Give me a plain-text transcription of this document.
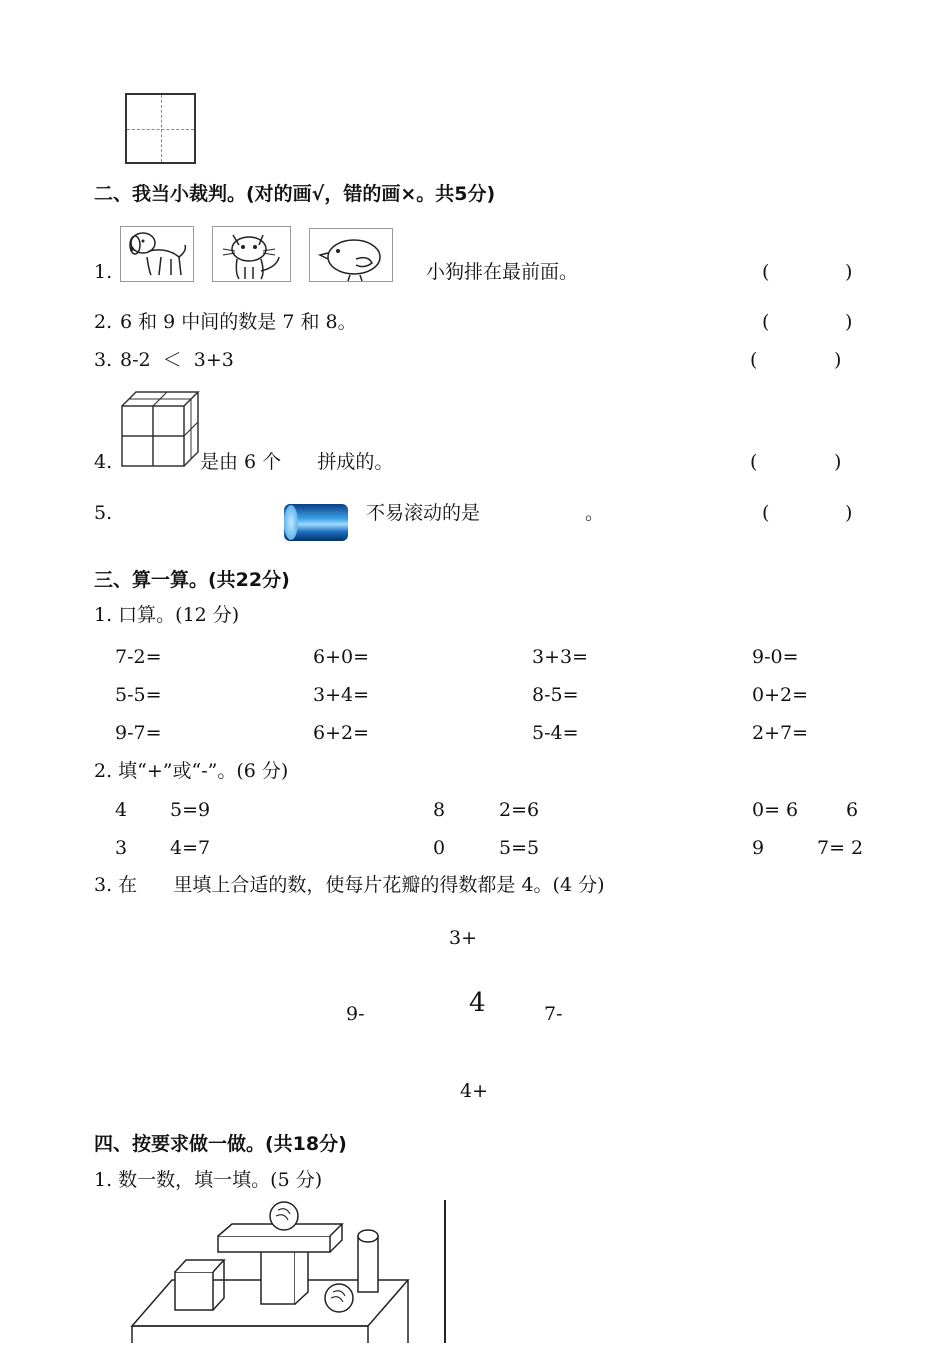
二、我当小裁判。(对的画√，错的画×。共5分)
1.	小狗排在最前面。	(	)
2. 6 和 9 中间的数是 7 和 8。	(	)
3. 8-2  ＜  3+3	(	)
4.	是由 6 个      拼成的。	(	)
5.	不易滚动的是	。	(	)
三、算一算。(共22分)
1. 口算。(12 分)
7-2=	6+0=	3+3=	9-0=
5-5=	3+4=	8-5=	0+2=
9-7=	6+2=	5-4=	2+7=
2. 填“+”或“-”。(6 分)
4 5=9	8	2=6	0= 6	6
3 4=7	0	5=5	9	7= 2
3. 在      里填上合适的数，使每片花瓣的得数都是 4。(4 分)
3+
4
9-	7-
4+
四、按要求做一做。(共18分)
1. 数一数，填一填。(5 分)
